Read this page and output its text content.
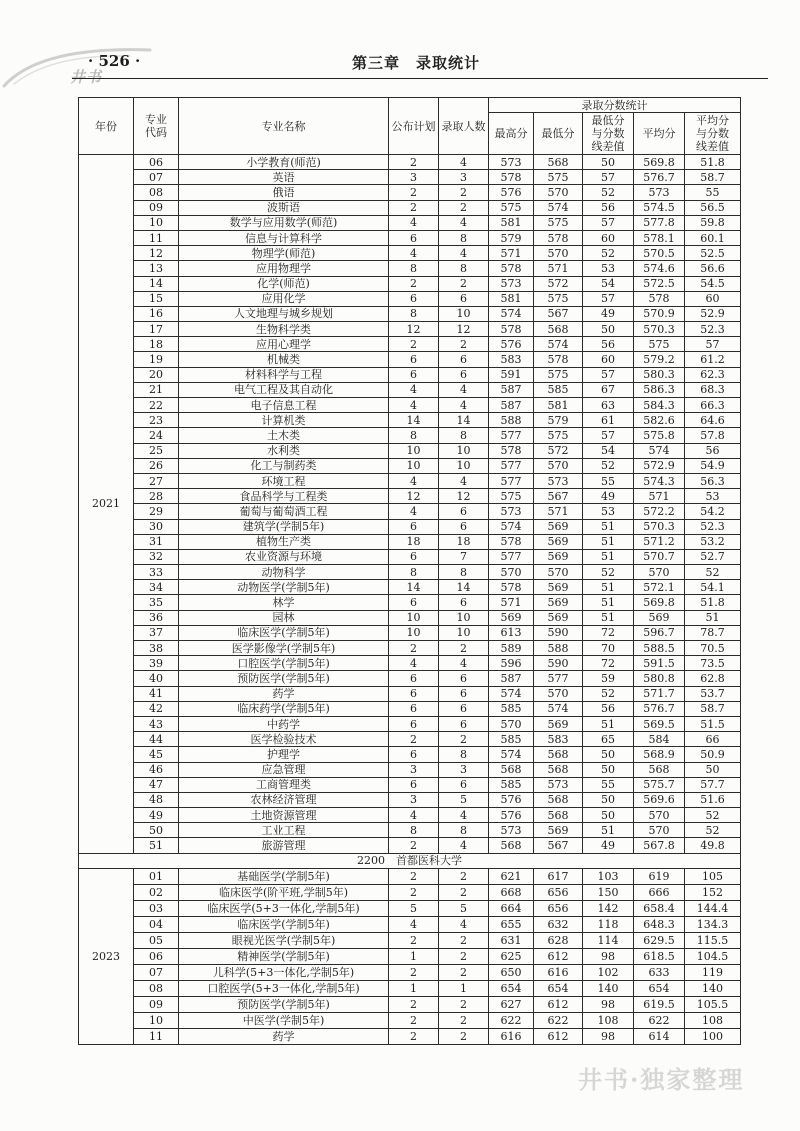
井书
· 526 ·	第三章　录取统计
年份	专业代码	专业名称	公布计划	录取人数	录取分数统计				
					最高分	最低分	最低分与分数线差值	平均分	平均分与分数线差值
2021	06	小学教育(师范)	2	4	573	568	50	569.8	51.8
	07	英语	3	3	578	575	57	576.7	58.7
	08	俄语	2	2	576	570	52	573	55
	09	波斯语	2	2	575	574	56	574.5	56.5
	10	数学与应用数学(师范)	4	4	581	575	57	577.8	59.8
	11	信息与计算科学	6	8	579	578	60	578.1	60.1
	12	物理学(师范)	4	4	571	570	52	570.5	52.5
	13	应用物理学	8	8	578	571	53	574.6	56.6
	14	化学(师范)	2	2	573	572	54	572.5	54.5
	15	应用化学	6	6	581	575	57	578	60
	16	人文地理与城乡规划	8	10	574	567	49	570.9	52.9
	17	生物科学类	12	12	578	568	50	570.3	52.3
	18	应用心理学	2	2	576	574	56	575	57
	19	机械类	6	6	583	578	60	579.2	61.2
	20	材料科学与工程	6	6	591	575	57	580.3	62.3
	21	电气工程及其自动化	4	4	587	585	67	586.3	68.3
	22	电子信息工程	4	4	587	581	63	584.3	66.3
	23	计算机类	14	14	588	579	61	582.6	64.6
	24	土木类	8	8	577	575	57	575.8	57.8
	25	水利类	10	10	578	572	54	574	56
	26	化工与制药类	10	10	577	570	52	572.9	54.9
	27	环境工程	4	4	577	573	55	574.3	56.3
	28	食品科学与工程类	12	12	575	567	49	571	53
	29	葡萄与葡萄酒工程	4	6	573	571	53	572.2	54.2
	30	建筑学(学制5年)	6	6	574	569	51	570.3	52.3
	31	植物生产类	18	18	578	569	51	571.2	53.2
	32	农业资源与环境	6	7	577	569	51	570.7	52.7
	33	动物科学	8	8	570	570	52	570	52
	34	动物医学(学制5年)	14	14	578	569	51	572.1	54.1
	35	林学	6	6	571	569	51	569.8	51.8
	36	园林	10	10	569	569	51	569	51
	37	临床医学(学制5年)	10	10	613	590	72	596.7	78.7
	38	医学影像学(学制5年)	2	2	589	588	70	588.5	70.5
	39	口腔医学(学制5年)	4	4	596	590	72	591.5	73.5
	40	预防医学(学制5年)	6	6	587	577	59	580.8	62.8
	41	药学	6	6	574	570	52	571.7	53.7
	42	临床药学(学制5年)	6	6	585	574	56	576.7	58.7
	43	中药学	6	6	570	569	51	569.5	51.5
	44	医学检验技术	2	2	585	583	65	584	66
	45	护理学	6	8	574	568	50	568.9	50.9
	46	应急管理	3	3	568	568	50	568	50
	47	工商管理类	6	6	585	573	55	575.7	57.7
	48	农林经济管理	3	5	576	568	50	569.6	51.6
	49	土地资源管理	4	4	576	568	50	570	52
	50	工业工程	8	8	573	569	51	570	52
	51	旅游管理	2	4	568	567	49	567.8	49.8
2200　首都医科大学									
2023	01	基础医学(学制5年)	2	2	621	617	103	619	105
	02	临床医学(阶平班,学制5年)	2	2	668	656	150	666	152
	03	临床医学(5+3一体化,学制5年)	5	5	664	656	142	658.4	144.4
	04	临床医学(学制5年)	4	4	655	632	118	648.3	134.3
	05	眼视光医学(学制5年)	2	2	631	628	114	629.5	115.5
	06	精神医学(学制5年)	1	2	625	612	98	618.5	104.5
	07	儿科学(5+3一体化,学制5年)	2	2	650	616	102	633	119
	08	口腔医学(5+3一体化,学制5年)	1	1	654	654	140	654	140
	09	预防医学(学制5年)	2	2	627	612	98	619.5	105.5
	10	中医学(学制5年)	2	2	622	622	108	622	108
	11	药学	2	2	616	612	98	614	100
井书·独家整理
